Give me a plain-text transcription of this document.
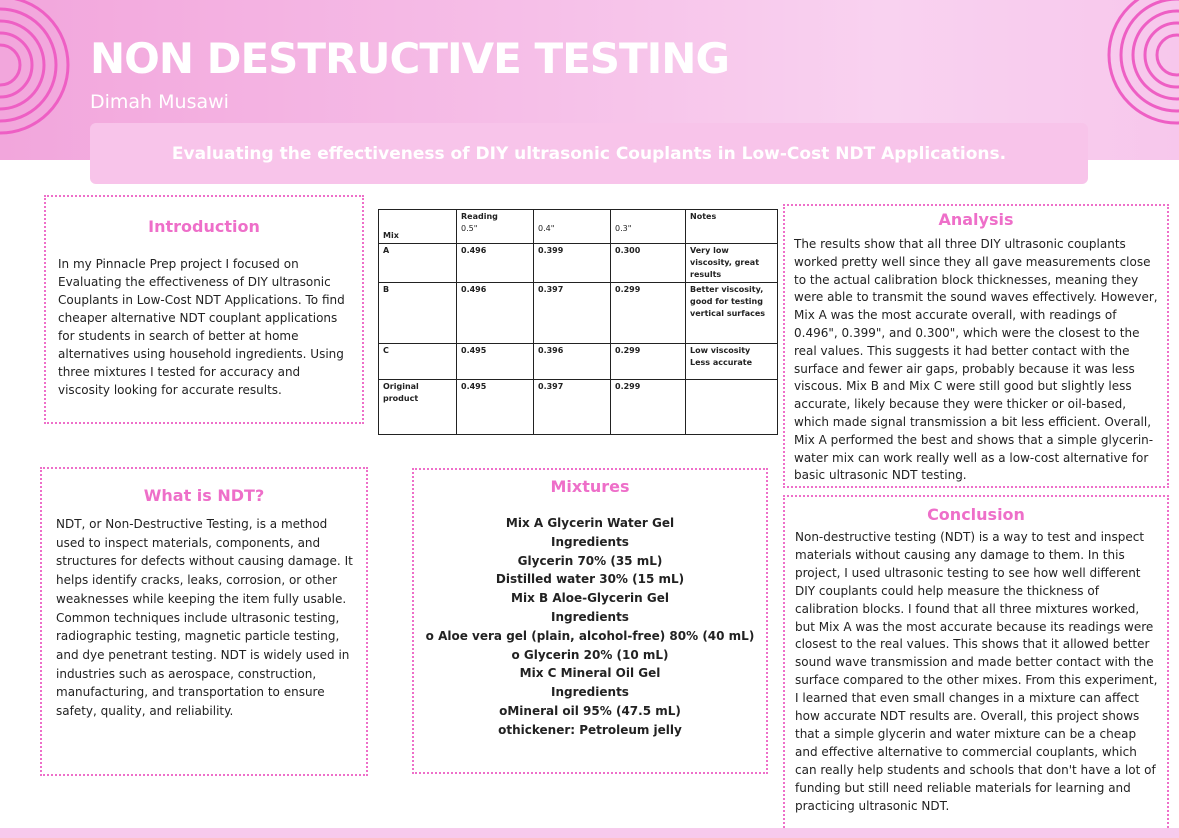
NON DESTRUCTIVE TESTING
Dimah Musawi
Evaluating the effectiveness of DIY ultrasonic Couplants in Low-Cost NDT Applications.
Introduction

In my Pinnacle Prep project I focused on Evaluating the effectiveness of DIY ultrasonic Couplants in Low-Cost NDT Applications. To find cheaper alternative NDT couplant applications for students in search of better at home alternatives using household ingredients. Using three mixtures I tested for accuracy and viscosity looking for accurate results.

Mix	Reading
0.5"	0.4"	0.3"	Notes
A	0.496	0.399	0.300	Very low viscosity, great results
B	0.496	0.397	0.299	Better viscosity, good for testing vertical surfaces
C	0.495	0.396	0.299	Low viscosity Less accurate
Original product	0.495	0.397	0.299	
Analysis

The results show that all three DIY ultrasonic couplants worked pretty well since they all gave measurements close to the actual calibration block thicknesses, meaning they were able to transmit the sound waves effectively. However, Mix A was the most accurate overall, with readings of 0.496", 0.399", and 0.300", which were the closest to the real values. This suggests it had better contact with the surface and fewer air gaps, probably because it was less viscous. Mix B and Mix C were still good but slightly less accurate, likely because they were thicker or oil-based, which made signal transmission a bit less efficient. Overall, Mix A performed the best and shows that a simple glycerin-water mix can work really well as a low-cost alternative for basic ultrasonic NDT testing.

What is NDT?

NDT, or Non-Destructive Testing, is a method used to inspect materials, components, and structures for defects without causing damage. It helps identify cracks, leaks, corrosion, or other weaknesses while keeping the item fully usable. Common techniques include ultrasonic testing, radiographic testing, magnetic particle testing, and dye penetrant testing. NDT is widely used in industries such as aerospace, construction, manufacturing, and transportation to ensure safety, quality, and reliability.

Mixtures
Mix A Glycerin Water Gel
Ingredients
Glycerin 70% (35 mL)
Distilled water 30% (15 mL)
Mix B Aloe-Glycerin Gel
Ingredients
o Aloe vera gel (plain, alcohol-free) 80% (40 mL)
o Glycerin 20% (10 mL)
Mix C Mineral Oil Gel
Ingredients
oMineral oil 95% (47.5 mL)
othickener: Petroleum jelly
Conclusion

Non-destructive testing (NDT) is a way to test and inspect materials without causing any damage to them. In this project, I used ultrasonic testing to see how well different DIY couplants could help measure the thickness of calibration blocks. I found that all three mixtures worked, but Mix A was the most accurate because its readings were closest to the real values. This shows that it allowed better sound wave transmission and made better contact with the surface compared to the other mixes. From this experiment, I learned that even small changes in a mixture can affect how accurate NDT results are. Overall, this project shows that a simple glycerin and water mixture can be a cheap and effective alternative to commercial couplants, which can really help students and schools that don't have a lot of funding but still need reliable materials for learning and practicing ultrasonic NDT.
